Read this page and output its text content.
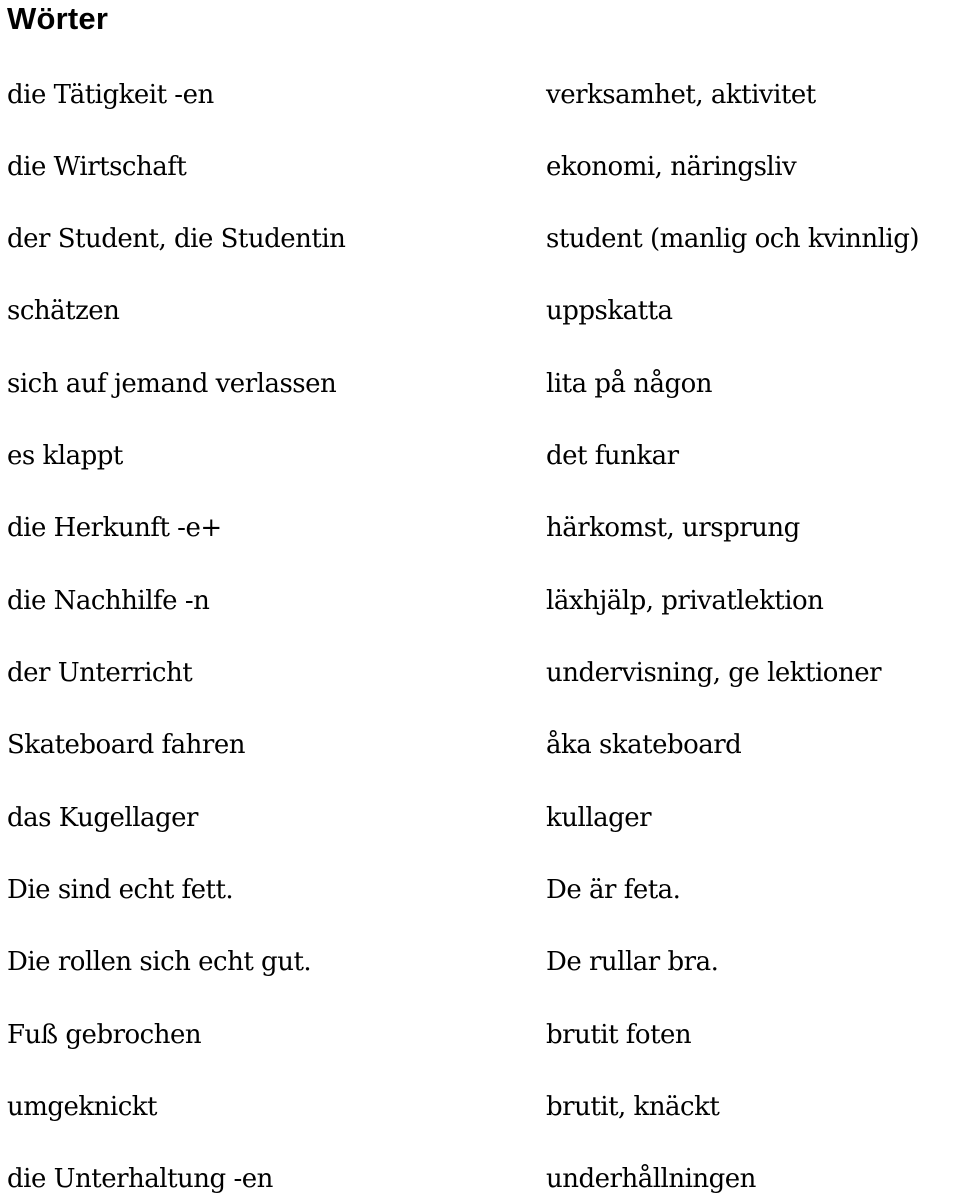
Wörter
die Tätigkeit -en	verksamhet, aktivitet
die Wirtschaft	ekonomi, näringsliv
der Student, die Studentin	student (manlig och kvinnlig)
schätzen	uppskatta
sich auf jemand verlassen	lita på någon
es klappt	det funkar
die Herkunft -e+	härkomst, ursprung
die Nachhilfe -n	läxhjälp, privatlektion
der Unterricht	undervisning, ge lektioner
Skateboard fahren	åka skateboard
das Kugellager	kullager
Die sind echt fett.	De är feta.
Die rollen sich echt gut.	De rullar bra.
Fuß gebrochen	brutit foten
umgeknickt	brutit, knäckt
die Unterhaltung -en	underhållningen
